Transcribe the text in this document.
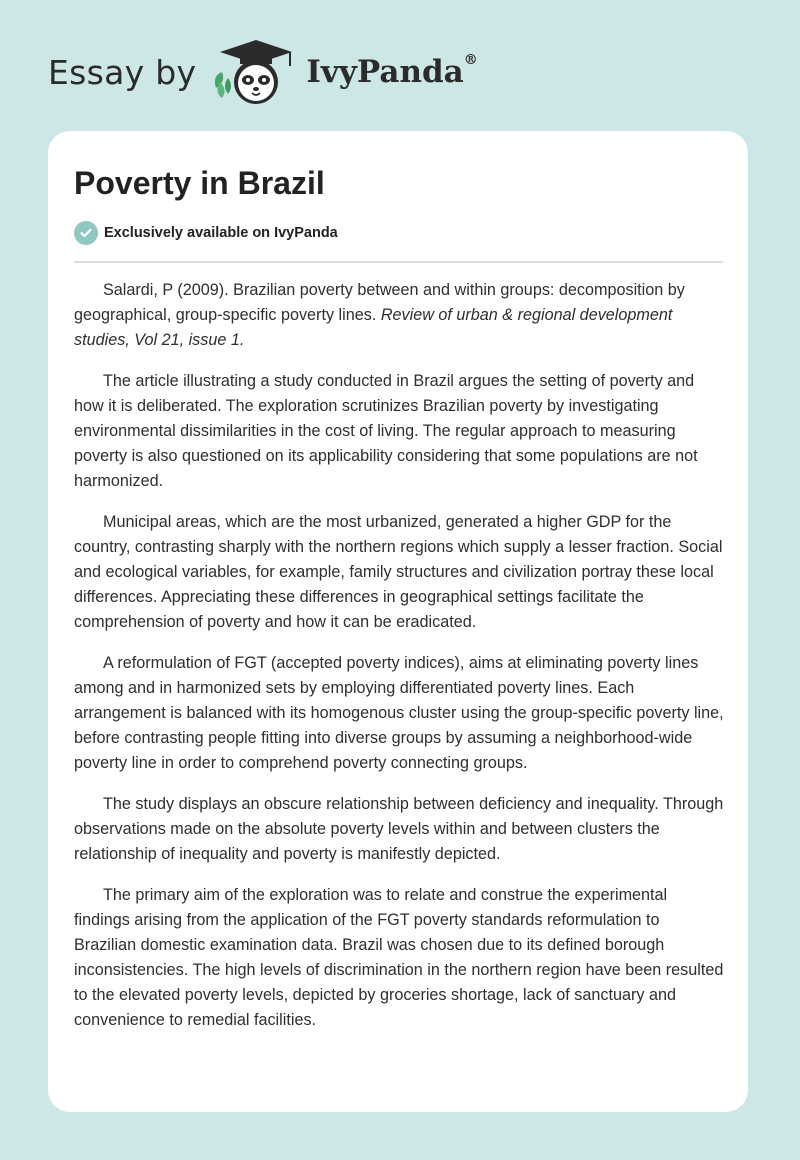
Essay by	IvyPanda®
Poverty in Brazil
Exclusively available on IvyPanda

Salardi, P (2009). Brazilian poverty between and within groups: decomposition by geographical, group-specific poverty lines. Review of urban & regional development studies, Vol 21, issue 1.

The article illustrating a study conducted in Brazil argues the setting of poverty and how it is deliberated. The exploration scrutinizes Brazilian poverty by investigating environmental dissimilarities in the cost of living. The regular approach to measuring poverty is also questioned on its applicability considering that some populations are not harmonized.

Municipal areas, which are the most urbanized, generated a higher GDP for the country, contrasting sharply with the northern regions which supply a lesser fraction. Social and ecological variables, for example, family structures and civilization portray these local differences. Appreciating these differences in geographical settings facilitate the comprehension of poverty and how it can be eradicated.

A reformulation of FGT (accepted poverty indices), aims at eliminating poverty lines among and in harmonized sets by employing differentiated poverty lines. Each arrangement is balanced with its homogenous cluster using the group-specific poverty line, before contrasting people fitting into diverse groups by assuming a neighborhood-wide poverty line in order to comprehend poverty connecting groups.

The study displays an obscure relationship between deficiency and inequality. Through observations made on the absolute poverty levels within and between clusters the relationship of inequality and poverty is manifestly depicted.

The primary aim of the exploration was to relate and construe the experimental findings arising from the application of the FGT poverty standards reformulation to Brazilian domestic examination data. Brazil was chosen due to its defined borough inconsistencies. The high levels of discrimination in the northern region have been resulted to the elevated poverty levels, depicted by groceries shortage, lack of sanctuary and convenience to remedial facilities.
